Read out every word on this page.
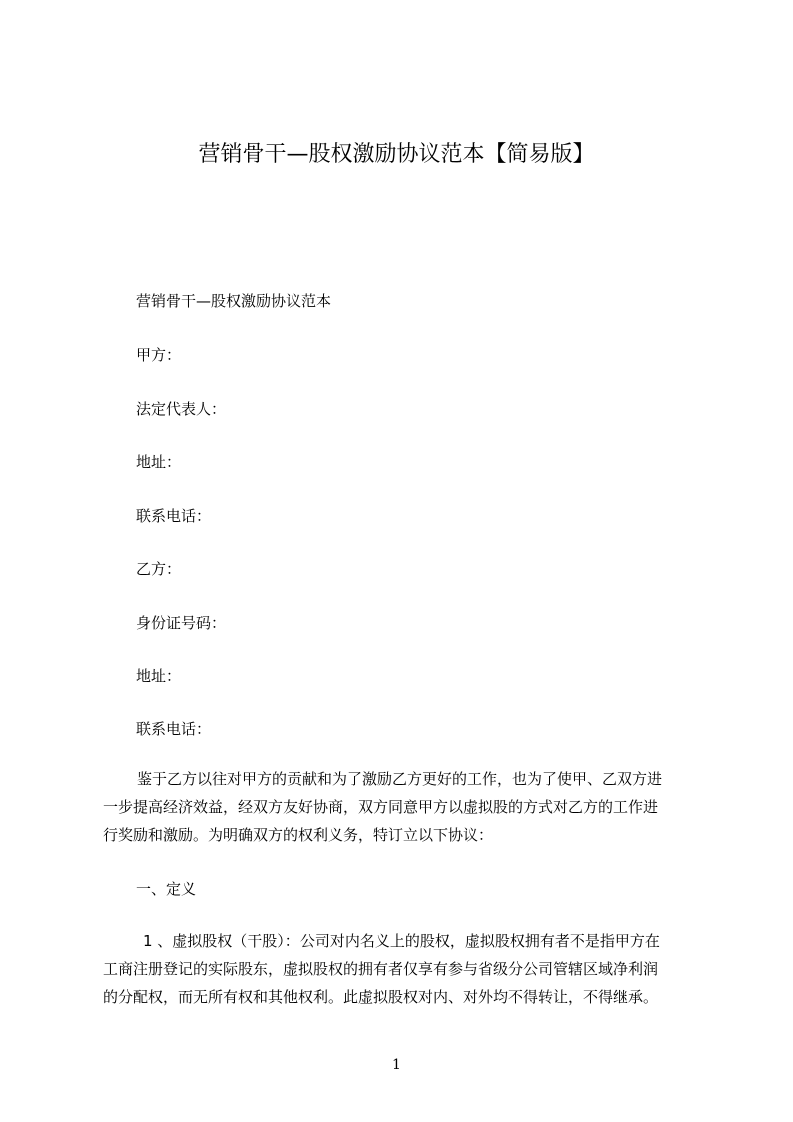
营销骨干—股权激励协议范本【简易版】

营销骨干—股权激励协议范本

甲方：

法定代表人：

地址：

联系电话：

乙方：

身份证号码：

地址：

联系电话：

鉴于乙方以往对甲方的贡献和为了激励乙方更好的工作，也为了使甲、乙双方进
一步提高经济效益，经双方友好协商，双方同意甲方以虚拟股的方式对乙方的工作进
行奖励和激励。为明确双方的权利义务，特订立以下协议：

一、定义

1 、虚拟股权（干股）：公司对内名义上的股权，虚拟股权拥有者不是指甲方在
工商注册登记的实际股东，虚拟股权的拥有者仅享有参与省级分公司管辖区域净利润
的分配权，而无所有权和其他权利。此虚拟股权对内、对外均不得转让，不得继承。

1
